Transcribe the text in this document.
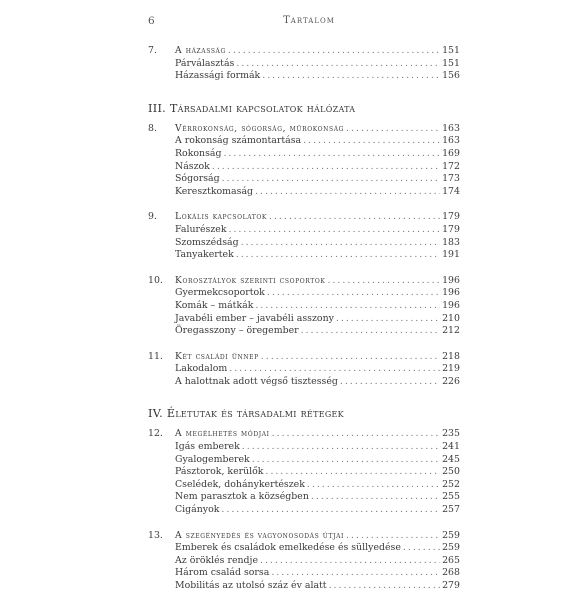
6	Tartalom
7.	A házasság . . .	151
Párválasztás . . .	151
Házassági formák . . .	156
III. Társadalmi kapcsolatok hálózata
8.	Vérrokonság, sógorság, műrokonság . . .	163
A rokonság számontartása . . .	163
Rokonság . . .	169
Nászok . . .	172
Sógorság . . .	173
Keresztkomaság . . .	174
9.	Lokális kapcsolatok . . .	179
Falurészek . . .	179
Szomszédság . . .	183
Tanyakertek . . .	191
10.	Korosztályok szerinti csoportok . . .	196
Gyermekcsoportok . . .	196
Komák – mátkák . . .	196
Javabéli ember – javabéli asszony . . .	210
Öregasszony – öregember . . .	212
11.	Két családi ünnep . . .	218
Lakodalom . . .	219
A halottnak adott végső tisztesség . . .	226
IV. Életutak és társadalmi rétegek
12.	A megélhetés módjai . . .	235
Igás emberek . . .	241
Gyalogemberek . . .	245
Pásztorok, kerülők . . .	250
Cselédek, dohánykertészek . . .	252
Nem parasztok a községben . . .	255
Cigányok . . .	257
13.	A szegényedés és vagyonosodás útjai . . .	259
Emberek és családok emelkedése és süllyedése . . .	259
Az öröklés rendje . . .	265
Három család sorsa . . .	268
Mobilitás az utolsó száz év alatt . . .	279
